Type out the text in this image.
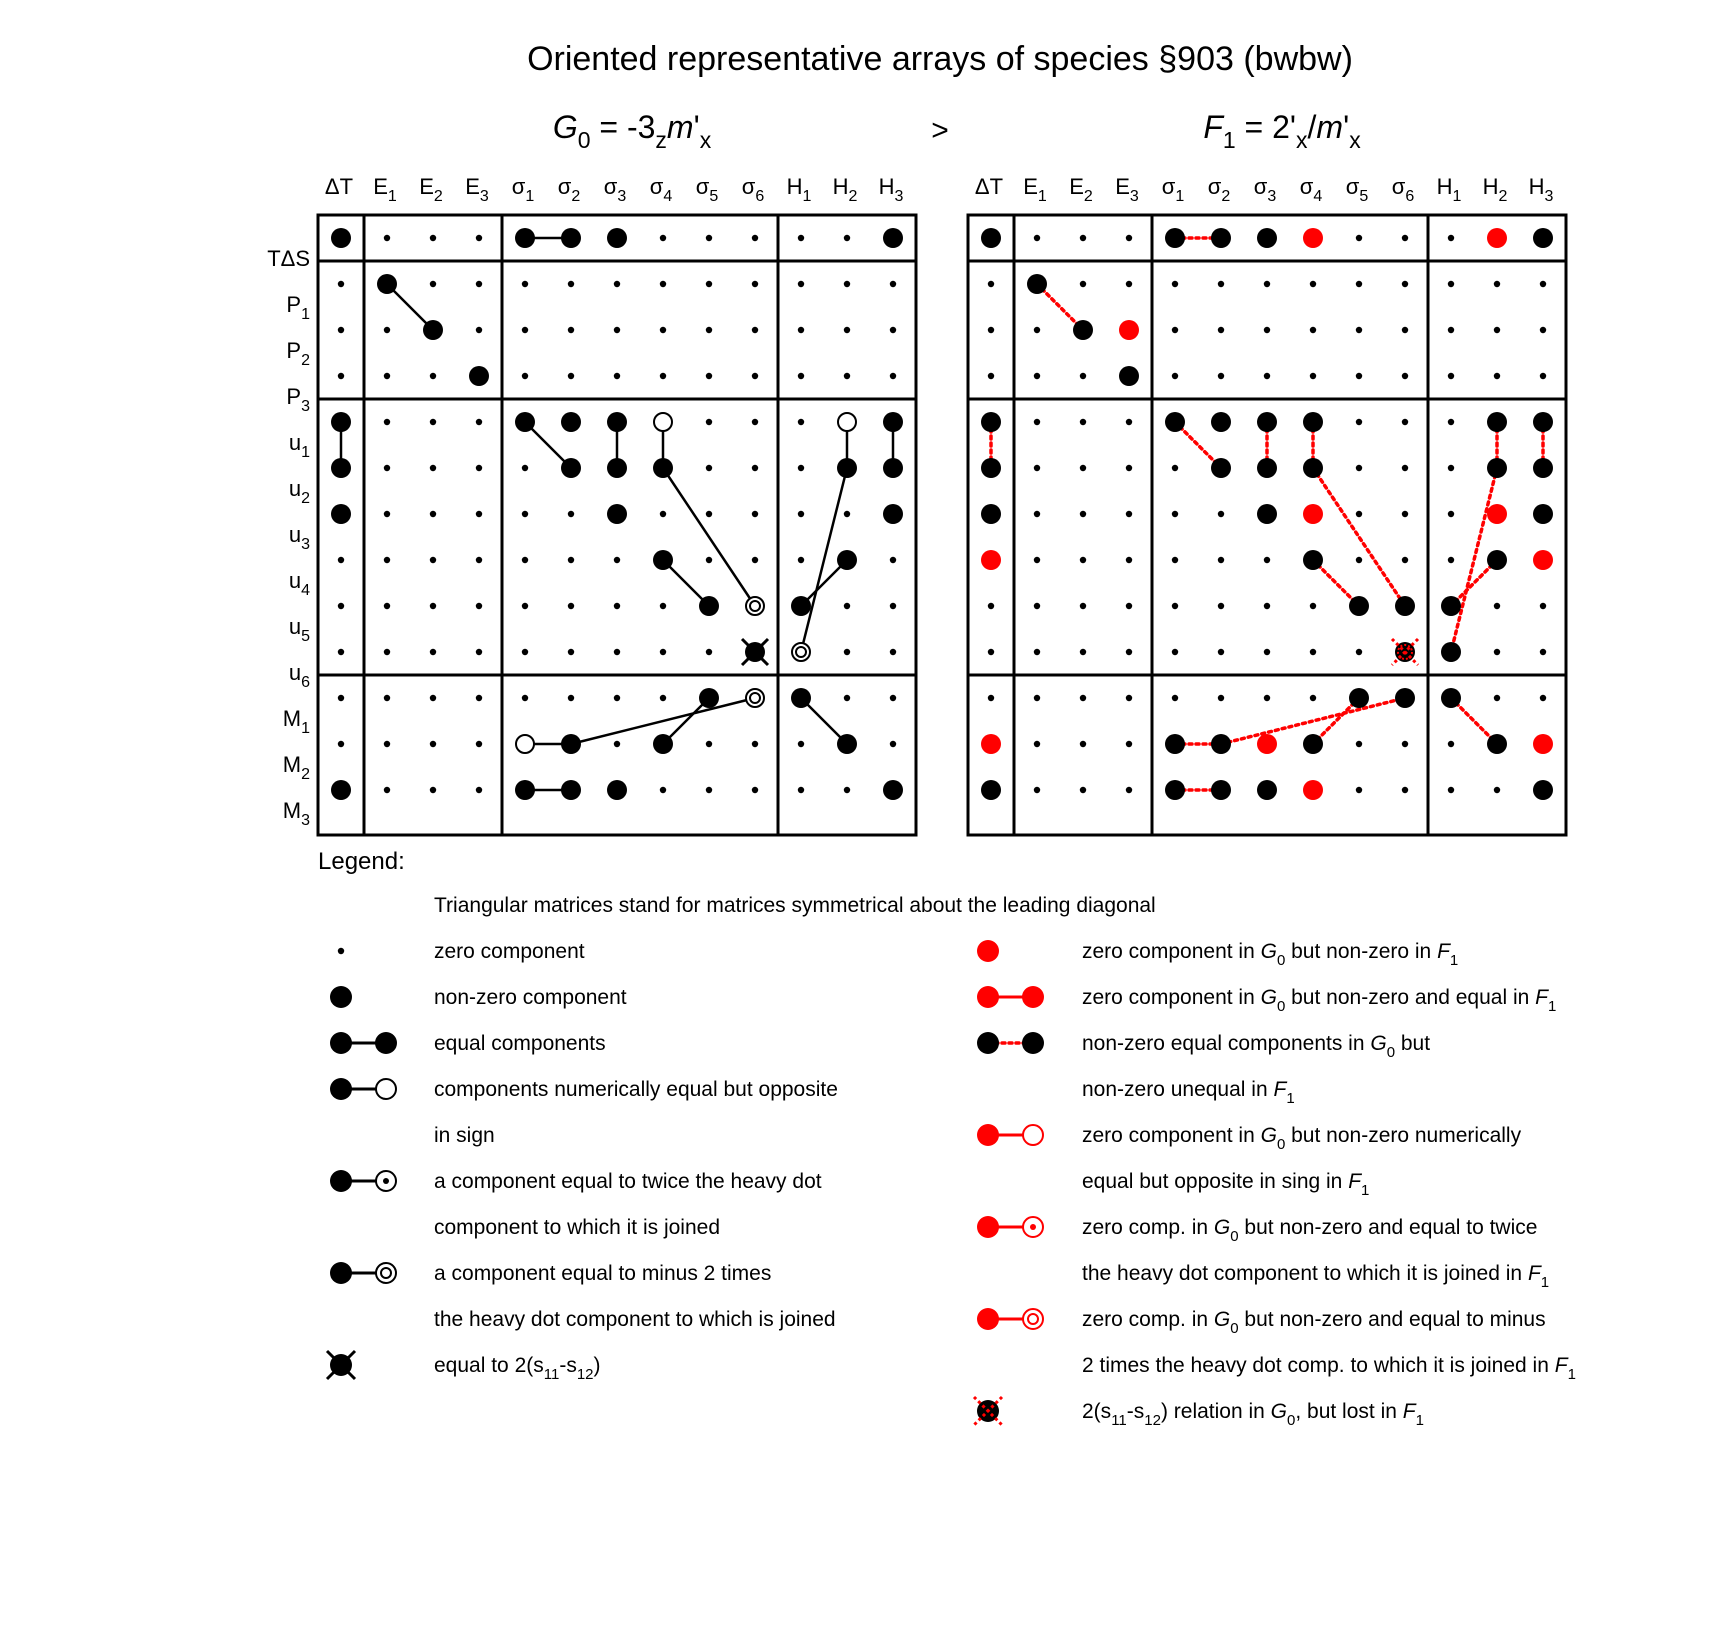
Oriented representative arrays of species §903 (bwbw)
>
$G_0 = -3_zm'_x$
ΔT $E_1$ $E_2$ $E_3$ $\sigma_1$ $\sigma_2$ $\sigma_3$ $\sigma_4$ $\sigma_5$ $\sigma_6$ $H_1$ $H_2$ $H_3$
TΔS
$P_1$
$P_2$
$P_3$
$u_1$
$u_2$
$u_3$
$u_4$
$u_5$
$u_6$
$M_1$
$M_2$
$M_3$
$F_1 = 2'_x/m'_x$
ΔT $E_1$ $E_2$ $E_3$ $\sigma_1$ $\sigma_2$ $\sigma_3$ $\sigma_4$ $\sigma_5$ $\sigma_6$ $H_1$ $H_2$ $H_3$
Legend:
Triangular matrices stand for matrices symmetrical about the leading diagonal
zero component
non-zero component
equal components
components numerically equal but opposite
in sign
a component equal to twice the heavy dot
component to which it is joined
a component equal to minus 2 times
the heavy dot component to which is joined
equal to $2(s_{11}-s_{12})$
zero component in $G_0$ but non-zero in $F_1$
zero component in $G_0$ but non-zero and equal in $F_1$
non-zero equal components in $G_0$ but
non-zero unequal in $F_1$
zero component in $G_0$ but non-zero numerically
equal but opposite in sing in $F_1$
zero comp. in $G_0$ but non-zero and equal to twice
the heavy dot component to which it is joined in $F_1$
zero comp. in $G_0$ but non-zero and equal to minus
2 times the heavy dot comp. to which it is joined in $F_1$
$2(s_{11}-s_{12})$ relation in $G_0$, but lost in $F_1$
